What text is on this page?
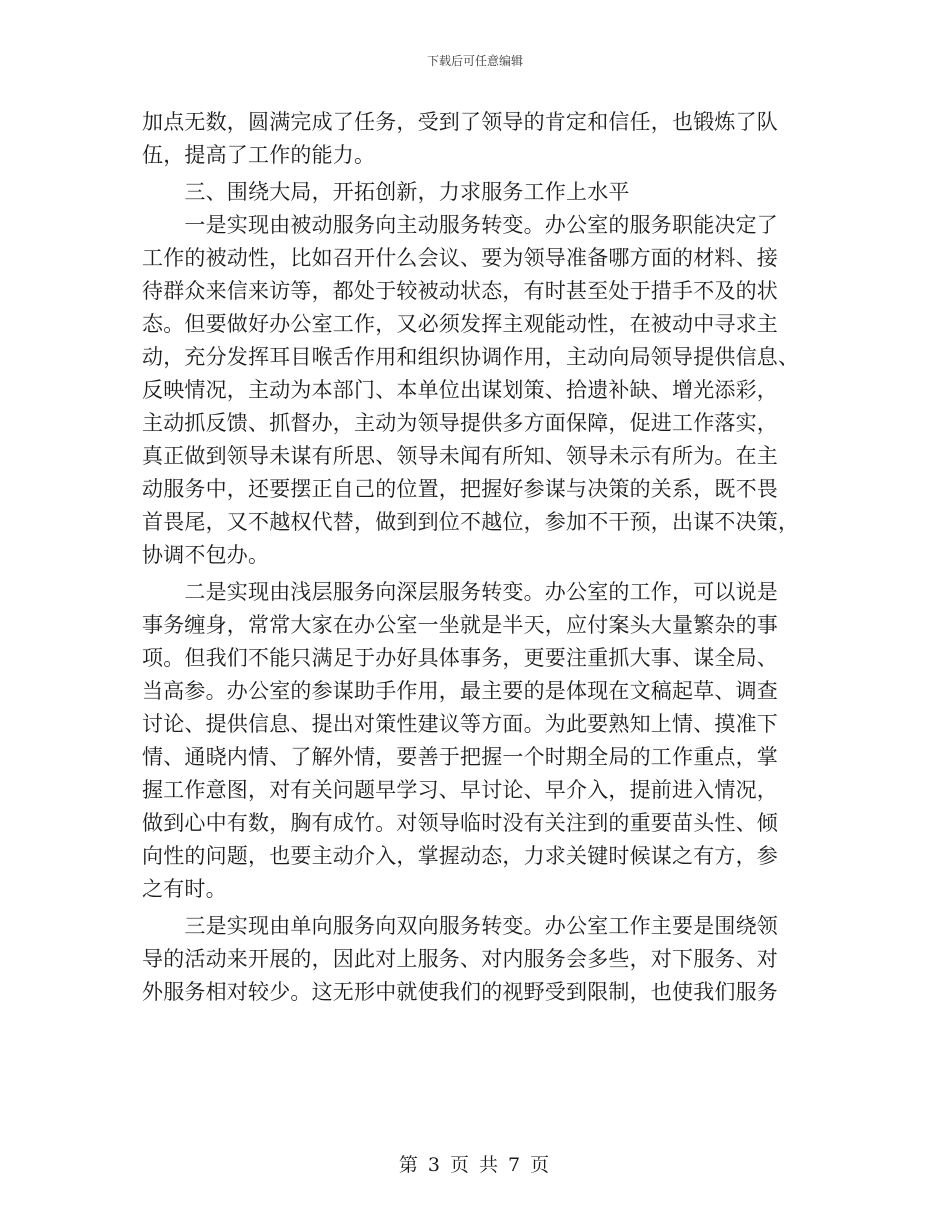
下载后可任意编辑
加点无数，圆满完成了任务，受到了领导的肯定和信任，也锻炼了队
伍，提高了工作的能力。
　　三、围绕大局，开拓创新，力求服务工作上水平
　　一是实现由被动服务向主动服务转变。办公室的服务职能决定了
工作的被动性，比如召开什么会议、要为领导准备哪方面的材料、接
待群众来信来访等，都处于较被动状态，有时甚至处于措手不及的状
态。但要做好办公室工作，又必须发挥主观能动性，在被动中寻求主
动，充分发挥耳目喉舌作用和组织协调作用，主动向局领导提供信息、
反映情况，主动为本部门、本单位出谋划策、拾遗补缺、增光添彩，
主动抓反馈、抓督办，主动为领导提供多方面保障，促进工作落实，
真正做到领导未谋有所思、领导未闻有所知、领导未示有所为。在主
动服务中，还要摆正自己的位置，把握好参谋与决策的关系，既不畏
首畏尾，又不越权代替，做到到位不越位，参加不干预，出谋不决策，
协调不包办。
　　二是实现由浅层服务向深层服务转变。办公室的工作，可以说是
事务缠身，常常大家在办公室一坐就是半天，应付案头大量繁杂的事
项。但我们不能只满足于办好具体事务，更要注重抓大事、谋全局、
当高参。办公室的参谋助手作用，最主要的是体现在文稿起草、调查
讨论、提供信息、提出对策性建议等方面。为此要熟知上情、摸准下
情、通晓内情、了解外情，要善于把握一个时期全局的工作重点，掌
握工作意图，对有关问题早学习、早讨论、早介入，提前进入情况，
做到心中有数，胸有成竹。对领导临时没有关注到的重要苗头性、倾
向性的问题，也要主动介入，掌握动态，力求关键时候谋之有方，参
之有时。
　　三是实现由单向服务向双向服务转变。办公室工作主要是围绕领
导的活动来开展的，因此对上服务、对内服务会多些，对下服务、对
外服务相对较少。这无形中就使我们的视野受到限制，也使我们服务
第 3 页 共 7 页
